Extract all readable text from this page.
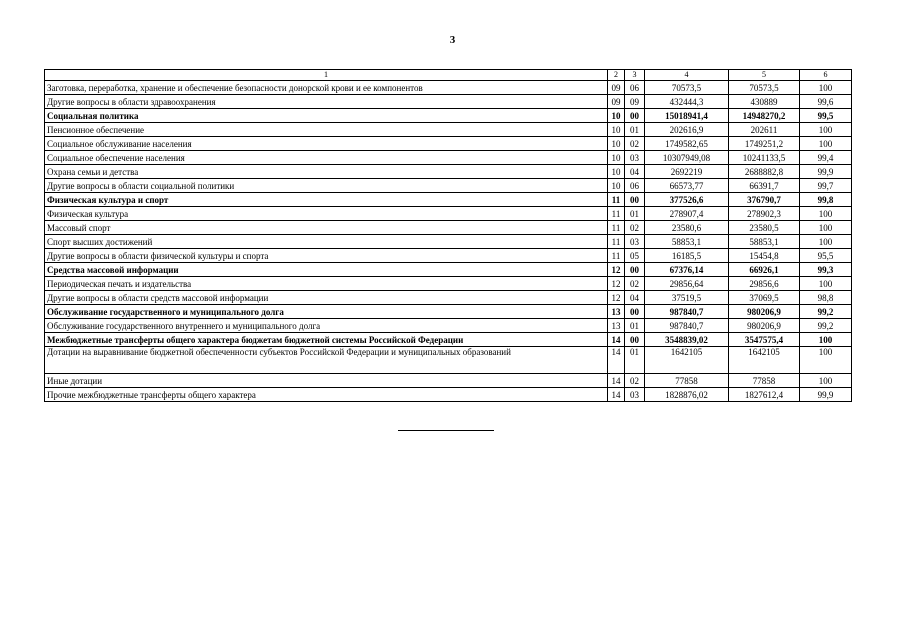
3
1	2	3	4	5	6
Заготовка, переработка, хранение и обеспечение безопасности донорской крови и ее компонентов	09	06	70573,5	70573,5	100
Другие вопросы в области здравоохранения	09	09	432444,3	430889	99,6
Социальная политика	10	00	15018941,4	14948270,2	99,5
Пенсионное обеспечение	10	01	202616,9	202611	100
Социальное обслуживание населения	10	02	1749582,65	1749251,2	100
Социальное обеспечение населения	10	03	10307949,08	10241133,5	99,4
Охрана семьи и детства	10	04	2692219	2688882,8	99,9
Другие вопросы в области социальной политики	10	06	66573,77	66391,7	99,7
Физическая культура и спорт	11	00	377526,6	376790,7	99,8
Физическая культура	11	01	278907,4	278902,3	100
Массовый спорт	11	02	23580,6	23580,5	100
Спорт высших достижений	11	03	58853,1	58853,1	100
Другие вопросы в области физической культуры и спорта	11	05	16185,5	15454,8	95,5
Средства массовой информации	12	00	67376,14	66926,1	99,3
Периодическая печать и издательства	12	02	29856,64	29856,6	100
Другие вопросы в области средств массовой информации	12	04	37519,5	37069,5	98,8
Обслуживание государственного и муниципального долга	13	00	987840,7	980206,9	99,2
Обслуживание государственного внутреннего и муниципального долга	13	01	987840,7	980206,9	99,2
Межбюджетные трансферты общего характера бюджетам бюджетной системы Российской Федерации	14	00	3548839,02	3547575,4	100
Дотации на выравнивание бюджетной обеспеченности субъектов Российской Федерации и муниципальных образований	14	01	1642105	1642105	100
Иные дотации	14	02	77858	77858	100
Прочие межбюджетные трансферты общего характера	14	03	1828876,02	1827612,4	99,9
